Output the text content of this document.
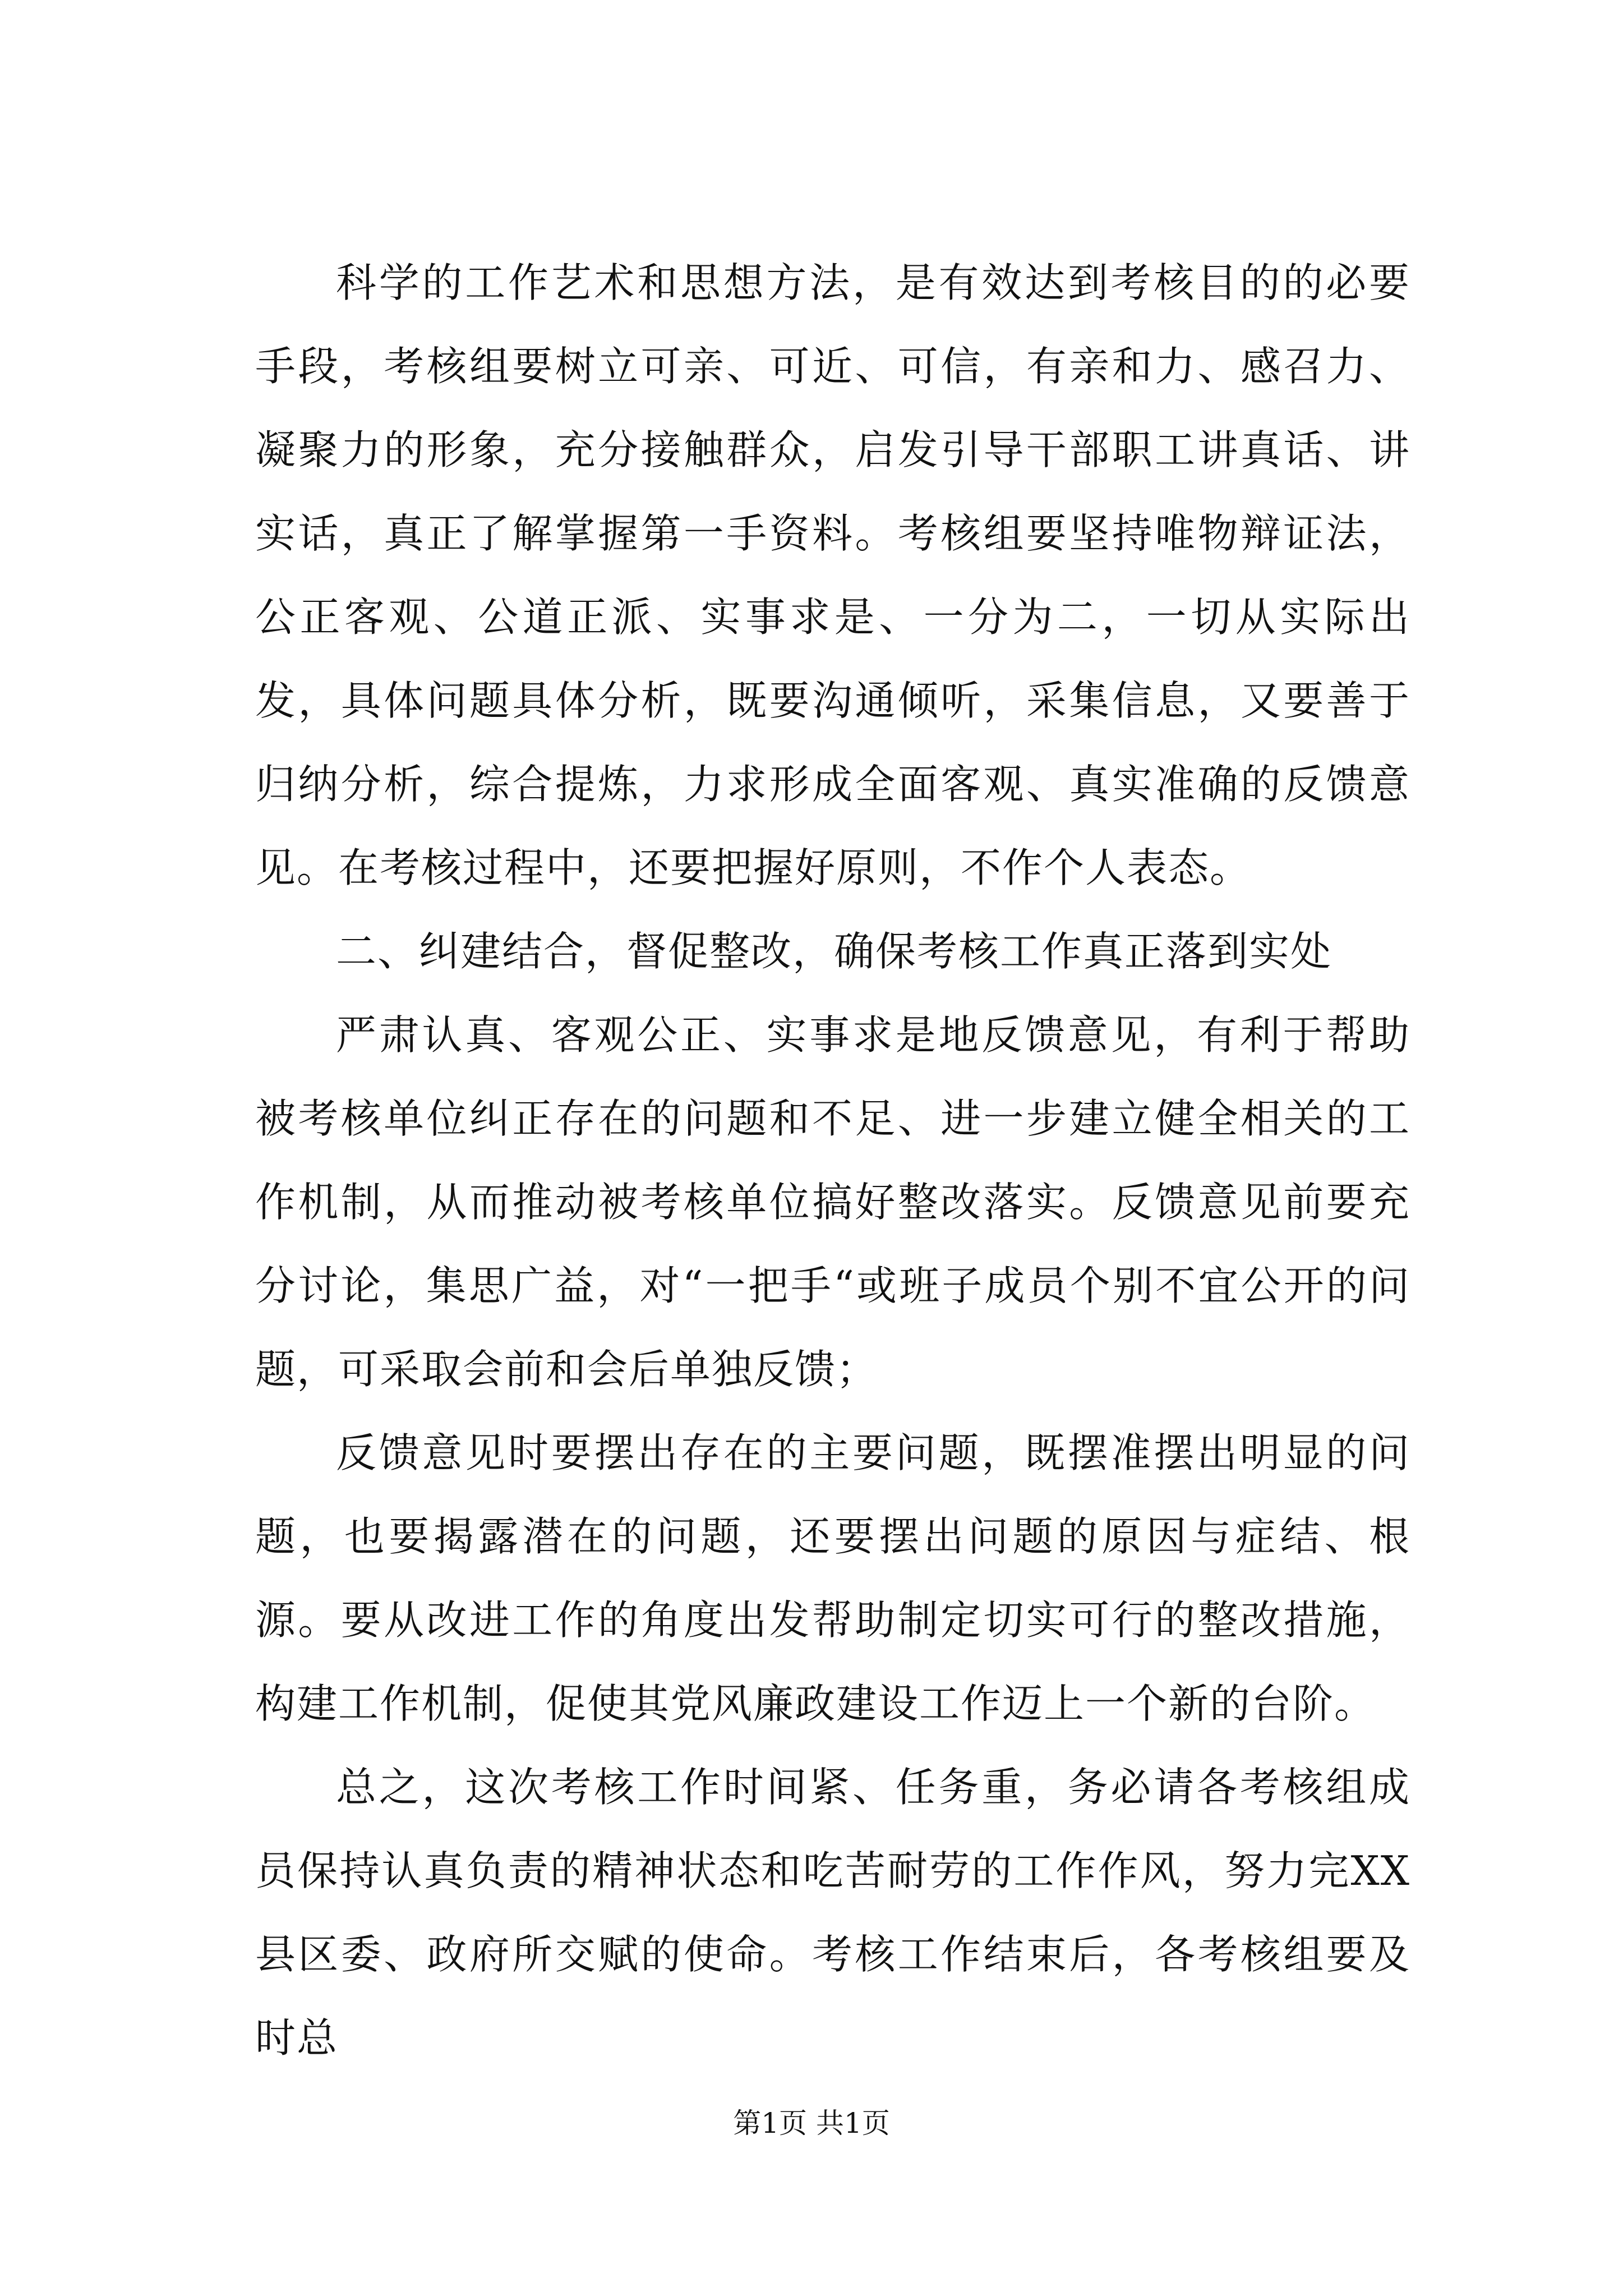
科学的工作艺术和思想方法，是有效达到考核目的的必要手段，考核组要树立可亲、可近、可信，有亲和力、感召力、凝聚力的形象，充分接触群众，启发引导干部职工讲真话、讲实话，真正了解掌握第一手资料。考核组要坚持唯物辩证法，公正客观、公道正派、实事求是、一分为二，一切从实际出发，具体问题具体分析，既要沟通倾听，采集信息，又要善于归纳分析，综合提炼，力求形成全面客观、真实准确的反馈意见。在考核过程中，还要把握好原则，不作个人表态。

二、纠建结合，督促整改，确保考核工作真正落到实处

严肃认真、客观公正、实事求是地反馈意见，有利于帮助被考核单位纠正存在的问题和不足、进一步建立健全相关的工作机制，从而推动被考核单位搞好整改落实。反馈意见前要充分讨论，集思广益，对“一把手“或班子成员个别不宜公开的问题，可采取会前和会后单独反馈；

反馈意见时要摆出存在的主要问题，既摆准摆出明显的问题，也要揭露潜在的问题，还要摆出问题的原因与症结、根源。要从改进工作的角度出发帮助制定切实可行的整改措施，构建工作机制，促使其党风廉政建设工作迈上一个新的台阶。

总之，这次考核工作时间紧、任务重，务必请各考核组成员保持认真负责的精神状态和吃苦耐劳的工作作风，努力完XX县区委、政府所交赋的使命。考核工作结束后，各考核组要及时总

第1页 共1页
